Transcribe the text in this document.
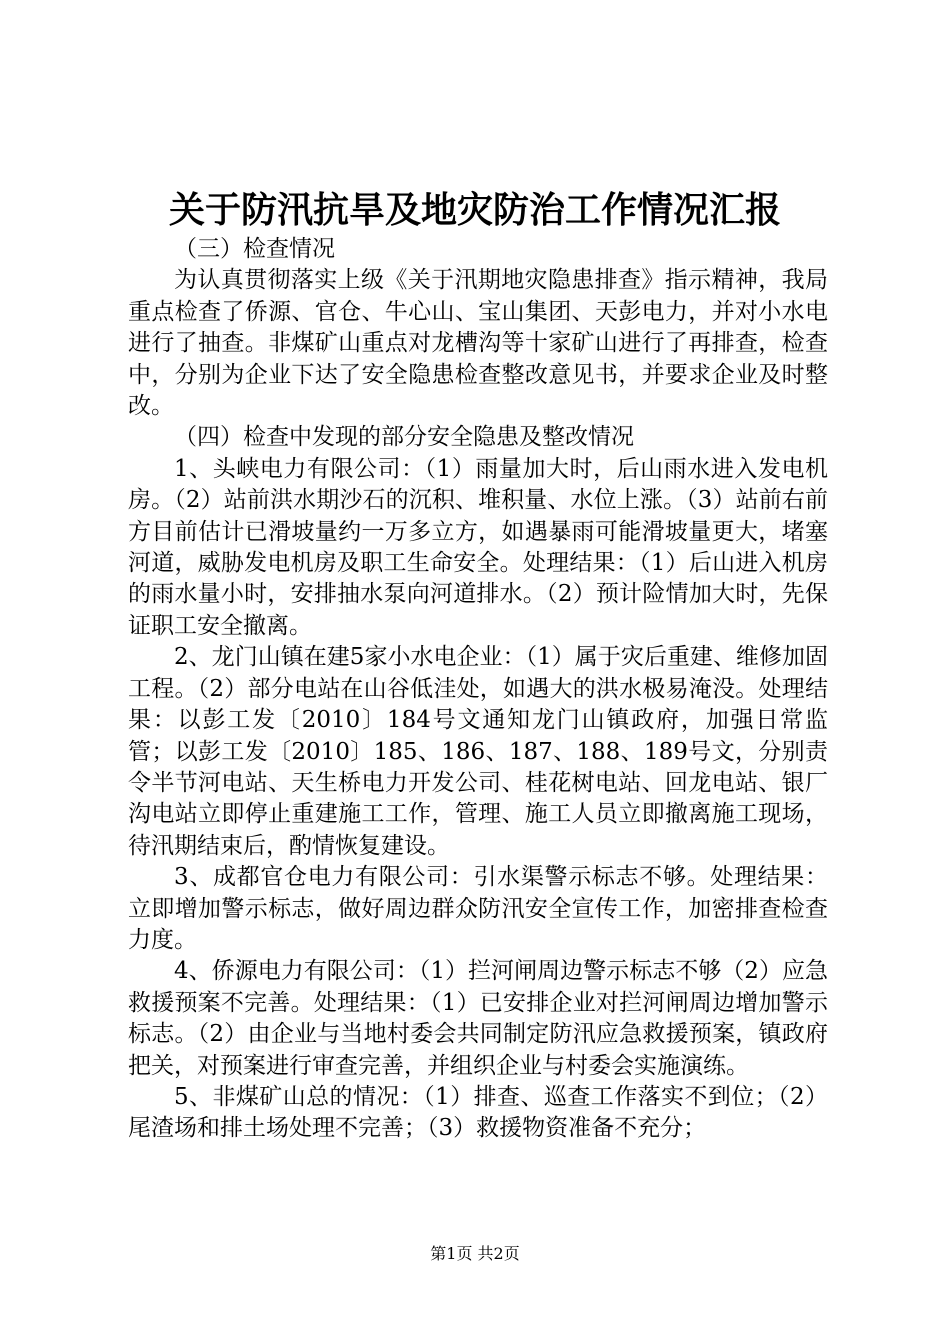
关于防汛抗旱及地灾防治工作情况汇报

（三）检查情况

为认真贯彻落实上级《关于汛期地灾隐患排查》指示精神，我局重点检查了侨源、官仓、牛心山、宝山集团、天彭电力，并对小水电进行了抽查。非煤矿山重点对龙槽沟等十家矿山进行了再排查，检查中，分别为企业下达了安全隐患检查整改意见书，并要求企业及时整改。

（四）检查中发现的部分安全隐患及整改情况

1、头峡电力有限公司：（1）雨量加大时，后山雨水进入发电机房。（2）站前洪水期沙石的沉积、堆积量、水位上涨。（3）站前右前方目前估计已滑坡量约一万多立方，如遇暴雨可能滑坡量更大，堵塞河道，威胁发电机房及职工生命安全。处理结果：（1）后山进入机房的雨水量小时，安排抽水泵向河道排水。（2）预计险情加大时，先保证职工安全撤离。

2、龙门山镇在建5家小水电企业：（1）属于灾后重建、维修加固工程。（2）部分电站在山谷低洼处，如遇大的洪水极易淹没。处理结果：以彭工发〔2010〕184号文通知龙门山镇政府，加强日常监管；以彭工发〔2010〕185、186、187、188、189号文，分别责令半节河电站、天生桥电力开发公司、桂花树电站、回龙电站、银厂沟电站立即停止重建施工工作，管理、施工人员立即撤离施工现场，待汛期结束后，酌情恢复建设。

3、成都官仓电力有限公司：引水渠警示标志不够。处理结果：立即增加警示标志，做好周边群众防汛安全宣传工作，加密排查检查力度。

4、侨源电力有限公司：（1）拦河闸周边警示标志不够（2）应急救援预案不完善。处理结果：（1）已安排企业对拦河闸周边增加警示标志。（2）由企业与当地村委会共同制定防汛应急救援预案，镇政府把关，对预案进行审查完善，并组织企业与村委会实施演练。

5、非煤矿山总的情况：（1）排查、巡查工作落实不到位；（2）尾渣场和排土场处理不完善；（3）救援物资准备不充分；

第1页 共2页
